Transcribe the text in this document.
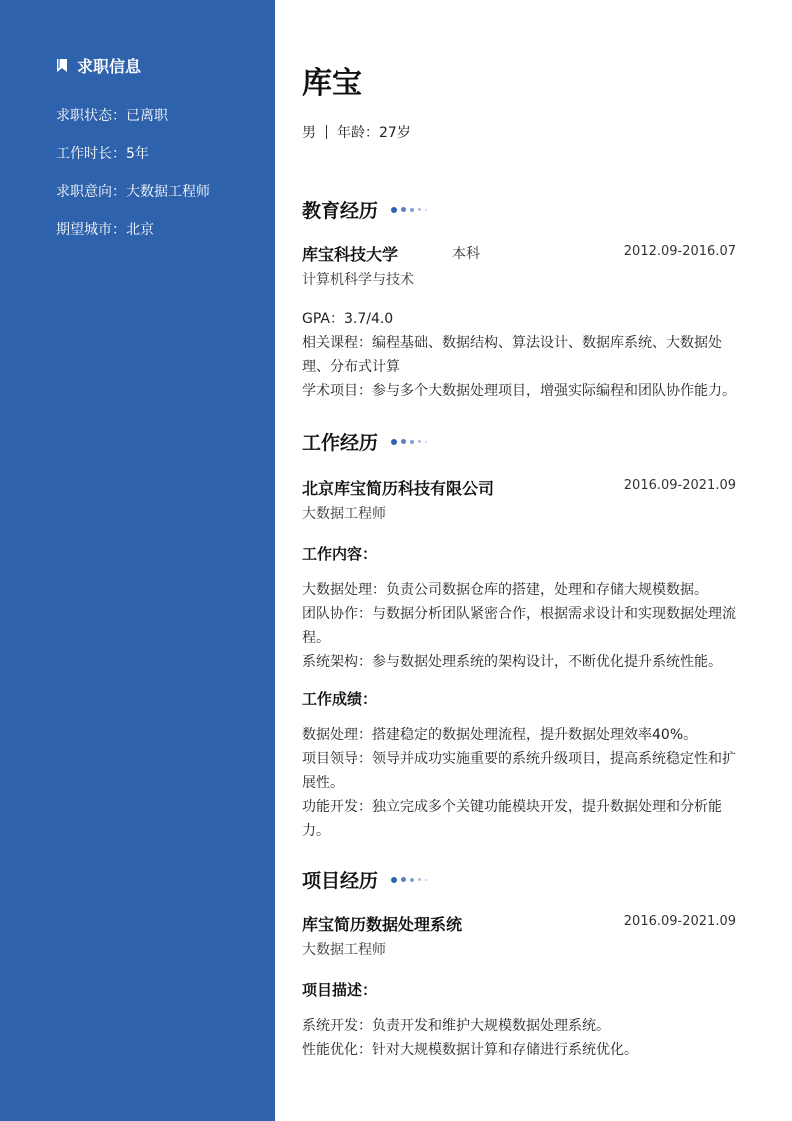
求职信息
求职状态：已离职
工作时长：5年
求职意向：大数据工程师
期望城市：北京
库宝
男 年龄：27岁
教育经历
库宝科技大学	本科	2012.09-2016.07
计算机科学与技术
GPA：3.7/4.0
相关课程：编程基础、数据结构、算法设计、数据库系统、大数据处理、分布式计算
学术项目：参与多个大数据处理项目，增强实际编程和团队协作能力。
工作经历
北京库宝简历科技有限公司	2016.09-2021.09
大数据工程师
工作内容：
大数据处理：负责公司数据仓库的搭建，处理和存储大规模数据。
团队协作：与数据分析团队紧密合作，根据需求设计和实现数据处理流程。
系统架构：参与数据处理系统的架构设计，不断优化提升系统性能。
工作成绩：
数据处理：搭建稳定的数据处理流程，提升数据处理效率40%。
项目领导：领导并成功实施重要的系统升级项目，提高系统稳定性和扩展性。
功能开发：独立完成多个关键功能模块开发，提升数据处理和分析能力。
项目经历
库宝简历数据处理系统	2016.09-2021.09
大数据工程师
项目描述：
系统开发：负责开发和维护大规模数据处理系统。
性能优化：针对大规模数据计算和存储进行系统优化。
